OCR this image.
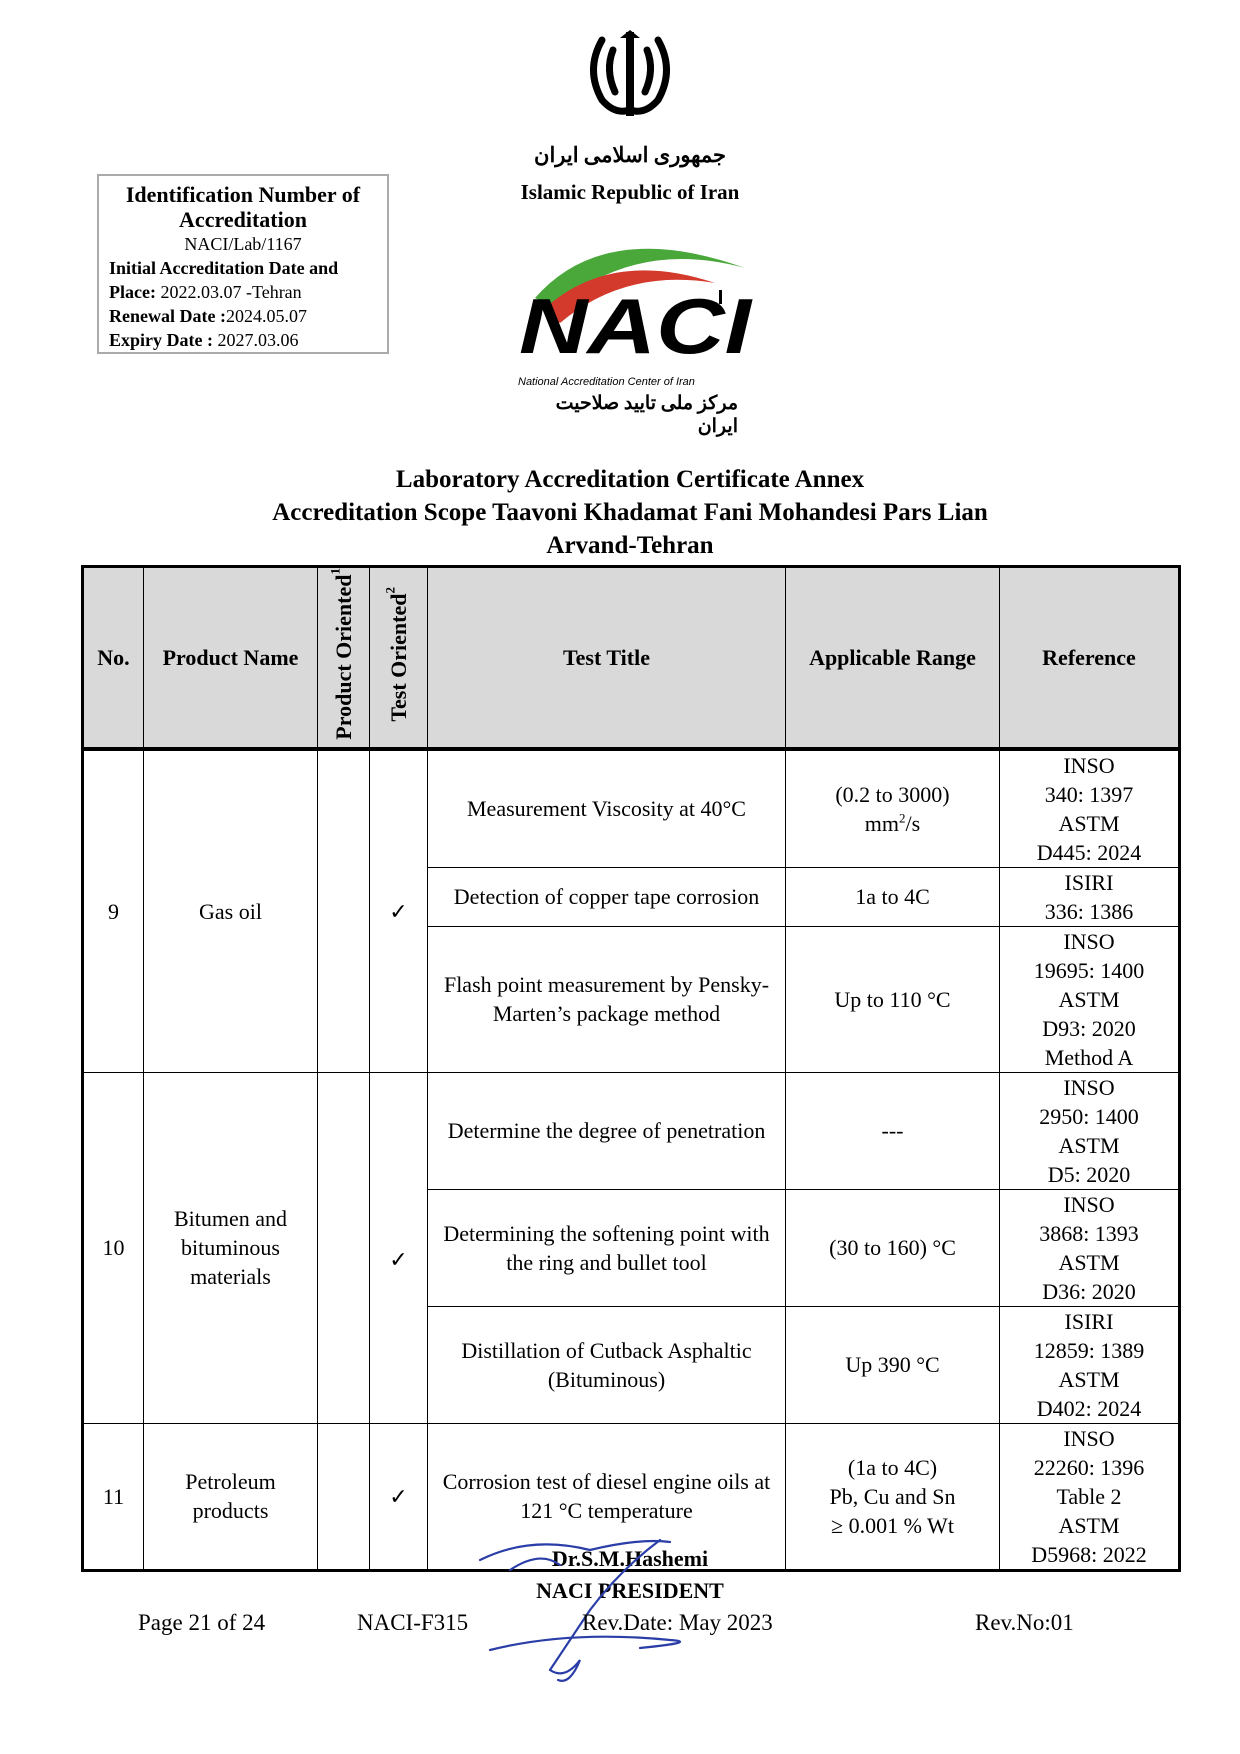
جمهوری اسلامی ایران
Islamic Republic of Iran
NACI
National Accreditation Center of Iran
مرکز ملی تایید صلاحیت ایران
Identification Number of Accreditation
NACI/Lab/1167
Initial Accreditation Date and
Place: 2022.03.07 -Tehran
Renewal Date :2024.05.07
Expiry Date : 2027.03.06
Laboratory Accreditation Certificate Annex
Accreditation Scope Taavoni Khadamat Fani Mohandesi Pars Lian
Arvand-Tehran
No.	Product Name	Product Oriented$^1$	Test Oriented$^2$	Test Title	Applicable Range	Reference

9	Gas oil		✓	Measurement Viscosity at 40°C	(0.2 to 3000)
$mm^2/s$	INSO
340: 1397
ASTM
D445: 2024
				Detection of copper tape corrosion	1a to 4C	ISIRI
336: 1386
				Flash point measurement by Pensky-Marten’s package method	Up to 110 °C	INSO
19695: 1400
ASTM
D93: 2020
Method A
10	Bitumen and bituminous materials		✓	Determine the degree of penetration	---	INSO
2950: 1400
ASTM
D5: 2020
				Determining the softening point with the ring and bullet tool	(30 to 160) °C	INSO
3868: 1393
ASTM
D36: 2020
				Distillation of Cutback Asphaltic (Bituminous)	Up 390 °C	ISIRI
12859: 1389
ASTM
D402: 2024
11	Petroleum products		✓	Corrosion test of diesel engine oils at 121 °C temperature	(1a to 4C)
Pb, Cu and Sn
≥ 0.001 % Wt	INSO
22260: 1396
Table 2
ASTM
D5968: 2022
Dr.S.M.Hashemi
NACI PRESIDENT
Page 21 of 24	NACI-F315	Rev.Date: May 2023	Rev.No:01
